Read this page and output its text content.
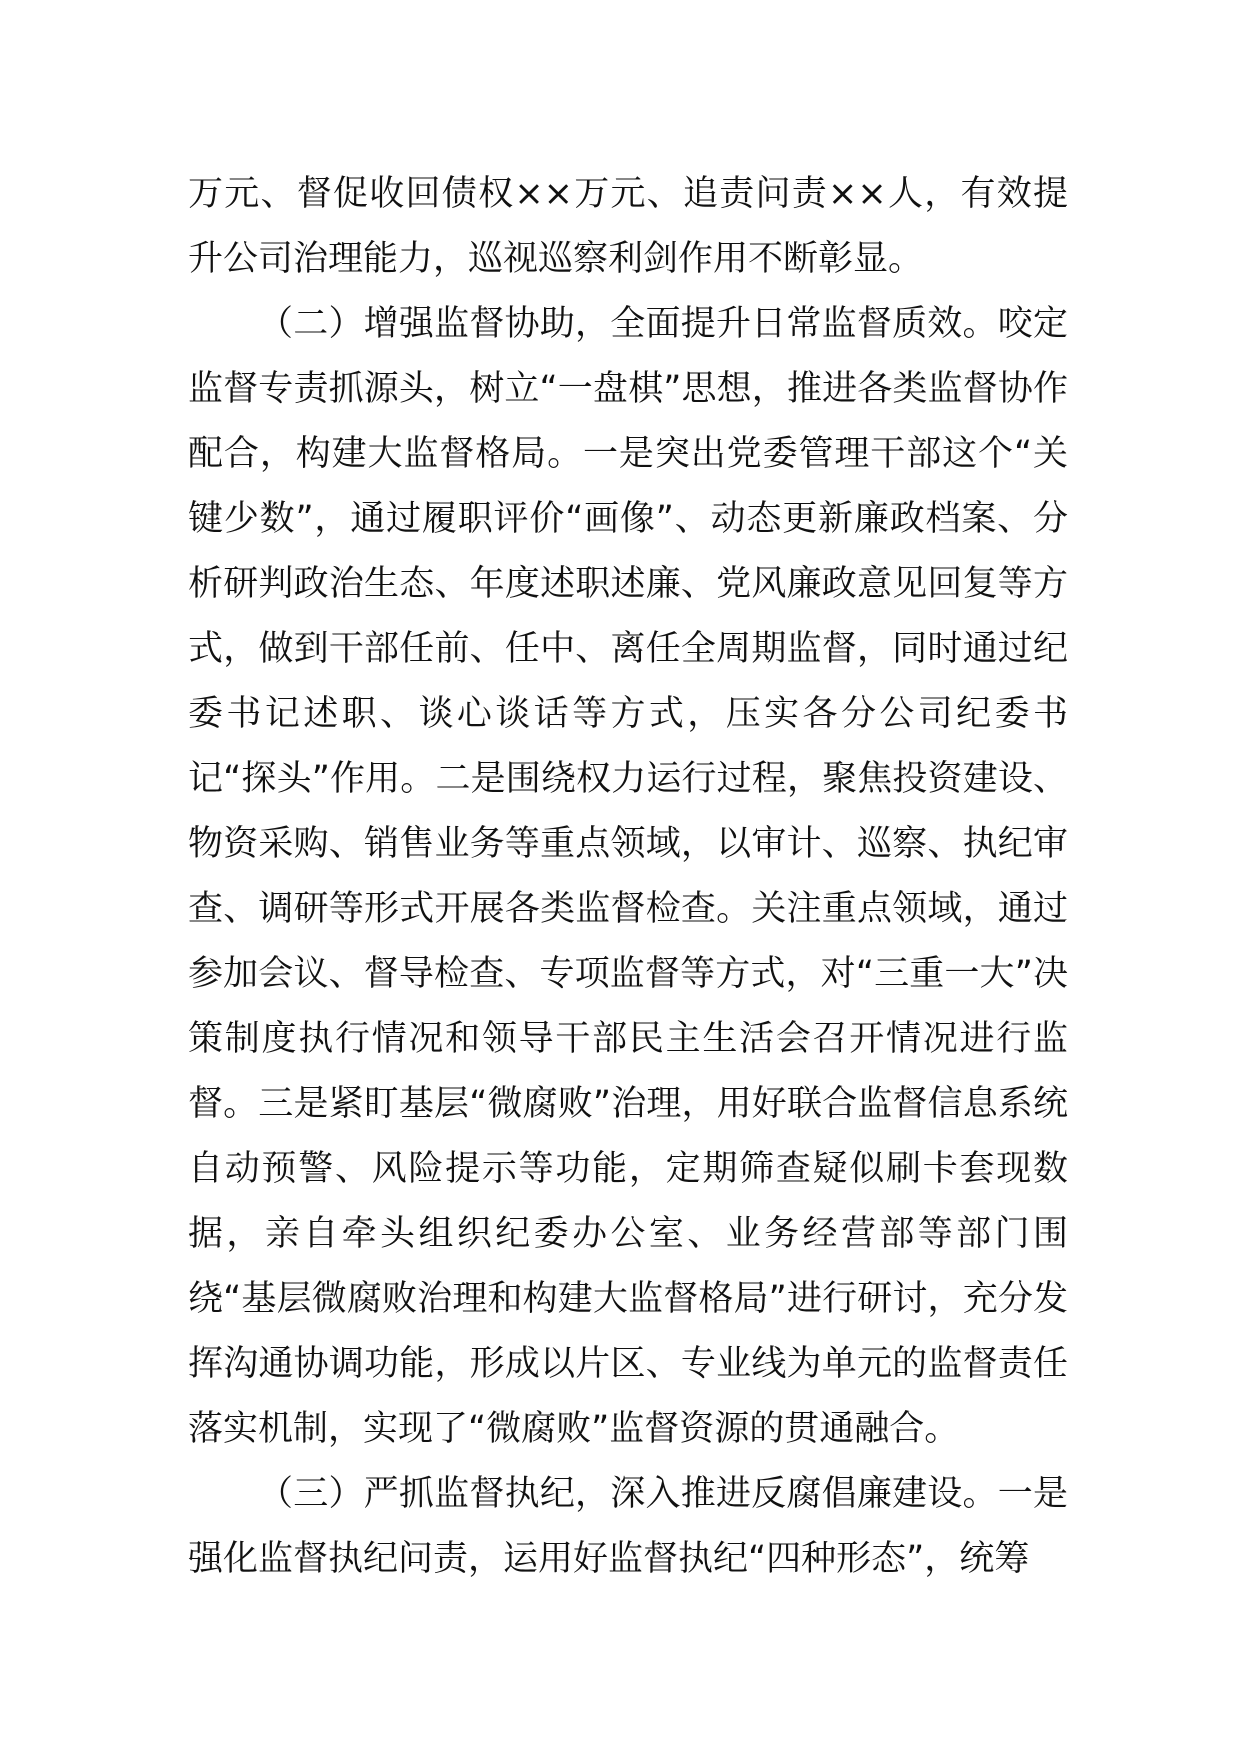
万元、督促收回债权××万元、追责问责××人，有效提升公司治理能力，巡视巡察利剑作用不断彰显。

（二）增强监督协助，全面提升日常监督质效。咬定监督专责抓源头，树立“一盘棋”思想，推进各类监督协作配合，构建大监督格局。一是突出党委管理干部这个“关键少数”，通过履职评价“画像”、动态更新廉政档案、分析研判政治生态、年度述职述廉、党风廉政意见回复等方式，做到干部任前、任中、离任全周期监督，同时通过纪委书记述职、谈心谈话等方式，压实各分公司纪委书记“探头”作用。二是围绕权力运行过程，聚焦投资建设、物资采购、销售业务等重点领域，以审计、巡察、执纪审查、调研等形式开展各类监督检查。关注重点领域，通过参加会议、督导检查、专项监督等方式，对“三重一大”决策制度执行情况和领导干部民主生活会召开情况进行监督。三是紧盯基层“微腐败”治理，用好联合监督信息系统自动预警、风险提示等功能，定期筛查疑似刷卡套现数据，亲自牵头组织纪委办公室、业务经营部等部门围绕“基层微腐败治理和构建大监督格局”进行研讨，充分发挥沟通协调功能，形成以片区、专业线为单元的监督责任落实机制，实现了“微腐败”监督资源的贯通融合。

（三）严抓监督执纪，深入推进反腐倡廉建设。一是强化监督执纪问责，运用好监督执纪“四种形态”，统筹
